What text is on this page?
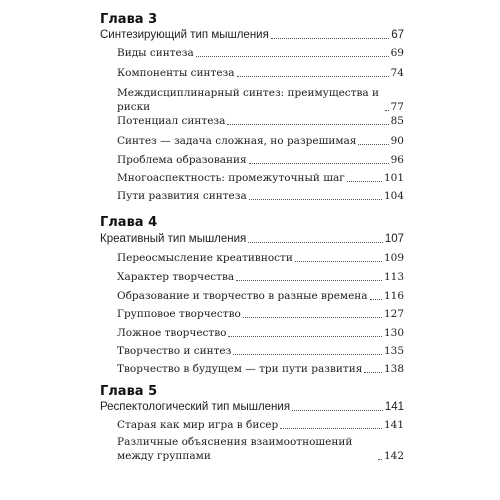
Глава 3
Синтезирующий тип мышления	67
Виды синтеза	69
Компоненты синтеза	74
Междисциплинарный синтез: преимущества и риски	77
Потенциал синтеза	85
Синтез — задача сложная, но разрешимая	90
Проблема образования	96
Многоаспектность: промежуточный шаг	101
Пути развития синтеза	104
Глава 4
Креативный тип мышления	107
Переосмысление креативности	109
Характер творчества	113
Образование и творчество в разные времена 116
Групповое творчество	127
Ложное творчество	130
Творчество и синтез	135
Творчество в будущем — три пути развития 138
Глава 5
Респектологический тип мышления	141
Старая как мир игра в бисер	141
Различные объяснения взаимоотношений между группами	142
